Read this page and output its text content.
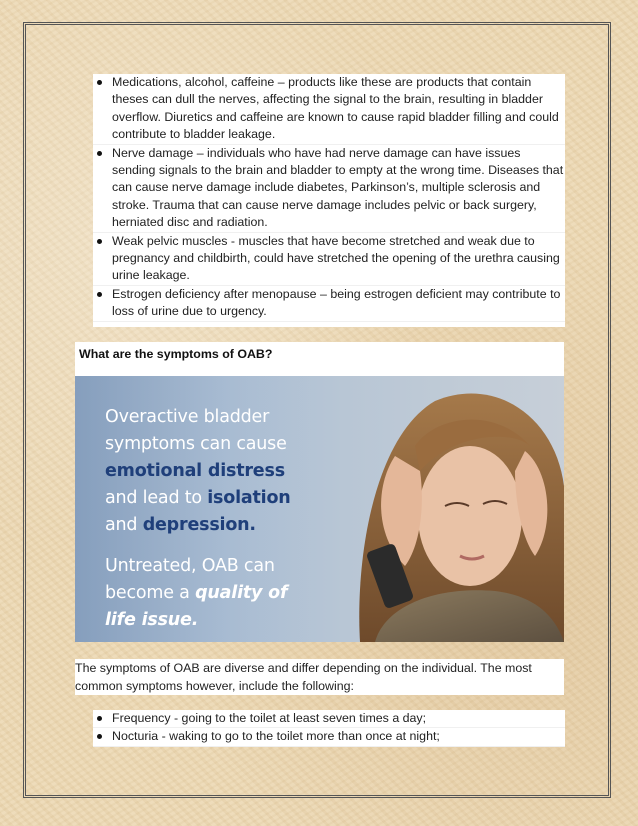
Medications, alcohol, caffeine – products like these are products that contain theses can dull the nerves, affecting the signal to the brain, resulting in bladder overflow. Diuretics and caffeine are known to cause rapid bladder filling and could contribute to bladder leakage.
Nerve damage – individuals who have had nerve damage can have issues sending signals to the brain and bladder to empty at the wrong time. Diseases that can cause nerve damage include diabetes, Parkinson’s, multiple sclerosis and stroke. Trauma that can cause nerve damage includes pelvic or back surgery, herniated disc and radiation.
Weak pelvic muscles - muscles that have become stretched and weak due to pregnancy and childbirth, could have stretched the opening of the urethra causing urine leakage.
Estrogen deficiency after menopause – being estrogen deficient may contribute to loss of urine due to urgency.
What are the symptoms of OAB?
Overactive bladder
symptoms can cause
emotional distress
and lead to isolation
and depression.
Untreated, OAB can
become a quality of
life issue.
The symptoms of OAB are diverse and differ depending on the individual. The most common symptoms however, include the following:
Frequency - going to the toilet at least seven times a day;
Nocturia - waking to go to the toilet more than once at night;
